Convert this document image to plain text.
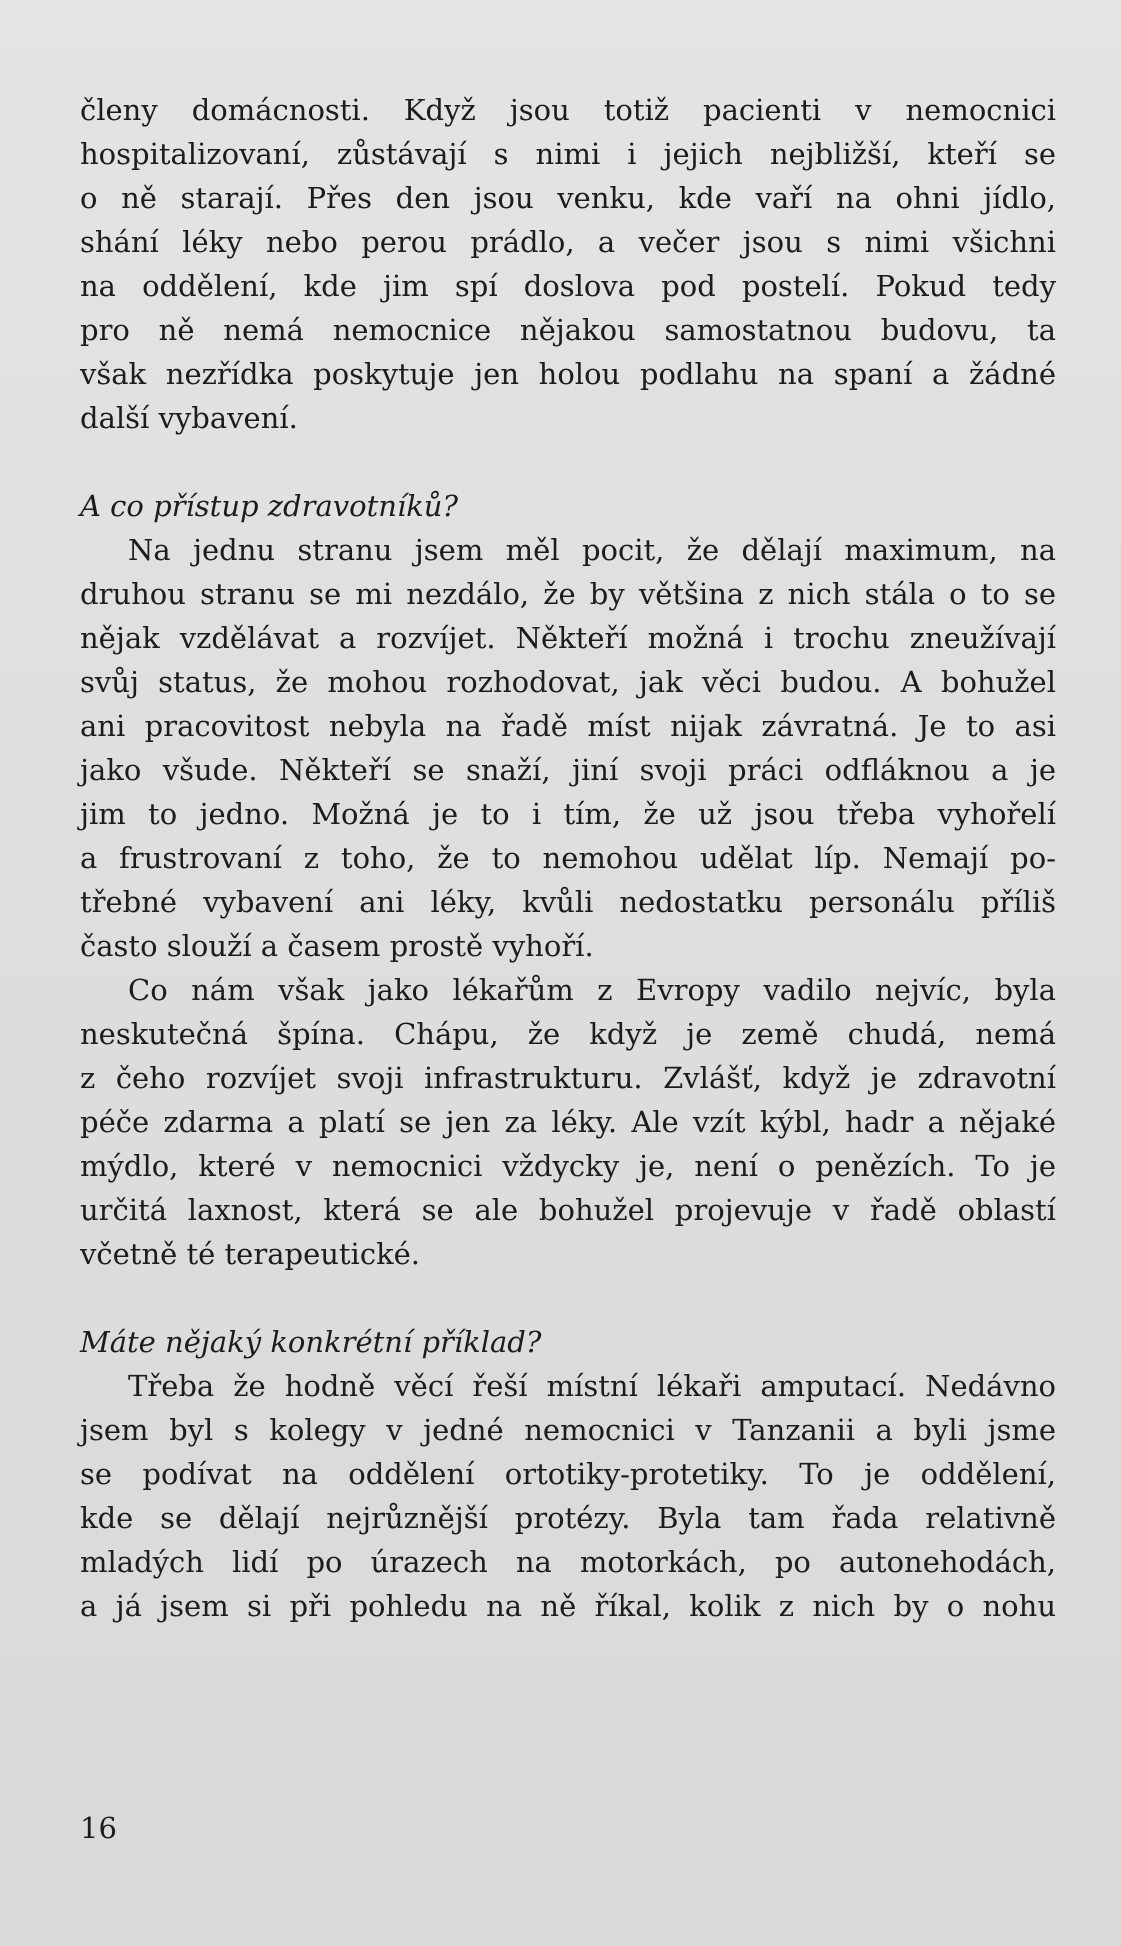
členy domácnosti. Když jsou totiž pacienti v nemocnici
hospitalizovaní, zůstávají s nimi i jejich nejbližší, kteří se
o ně starají. Přes den jsou venku, kde vaří na ohni jídlo,
shání léky nebo perou prádlo, a večer jsou s nimi všichni
na oddělení, kde jim spí doslova pod postelí. Pokud tedy
pro ně nemá nemocnice nějakou samostatnou budovu, ta
však nezřídka poskytuje jen holou podlahu na spaní a žádné
další vybavení.
A co přístup zdravotníků?
Na jednu stranu jsem měl pocit, že dělají maximum, na
druhou stranu se mi nezdálo, že by většina z nich stála o to se
nějak vzdělávat a rozvíjet. Někteří možná i trochu zneužívají
svůj status, že mohou rozhodovat, jak věci budou. A bohužel
ani pracovitost nebyla na řadě míst nijak závratná. Je to asi
jako všude. Někteří se snaží, jiní svoji práci odfláknou a je
jim to jedno. Možná je to i tím, že už jsou třeba vyhořelí
a frustrovaní z toho, že to nemohou udělat líp. Nemají po-
třebné vybavení ani léky, kvůli nedostatku personálu příliš
často slouží a časem prostě vyhoří.
Co nám však jako lékařům z Evropy vadilo nejvíc, byla
neskutečná špína. Chápu, že když je země chudá, nemá
z čeho rozvíjet svoji infrastrukturu. Zvlášť, když je zdravotní
péče zdarma a platí se jen za léky. Ale vzít kýbl, hadr a nějaké
mýdlo, které v nemocnici vždycky je, není o penězích. To je
určitá laxnost, která se ale bohužel projevuje v řadě oblastí
včetně té terapeutické.
Máte nějaký konkrétní příklad?
Třeba že hodně věcí řeší místní lékaři amputací. Nedávno
jsem byl s kolegy v jedné nemocnici v Tanzanii a byli jsme
se podívat na oddělení ortotiky-protetiky. To je oddělení,
kde se dělají nejrůznější protézy. Byla tam řada relativně
mladých lidí po úrazech na motorkách, po autonehodách,
a já jsem si při pohledu na ně říkal, kolik z nich by o nohu
16
